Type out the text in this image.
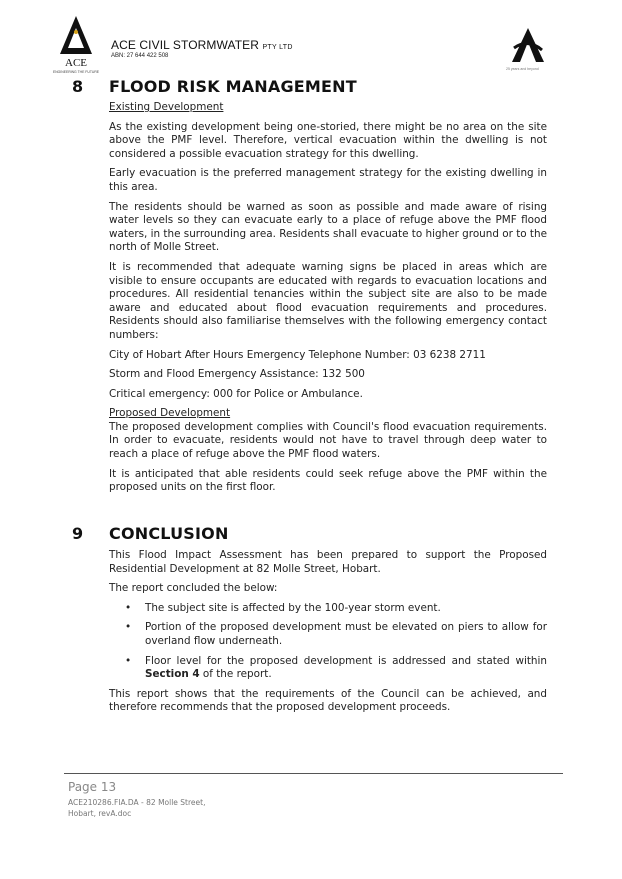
ACE
ENGINEERING THE FUTURE
ACE CIVIL STORMWATER PTY LTD
ABN: 27 644 422 508
25 years and beyond
8 FLOOD RISK MANAGEMENT

Existing Development

As the existing development being one-storied, there might be no area on the site above the PMF level. Therefore, vertical evacuation within the dwelling is not considered a possible evacuation strategy for this dwelling.

Early evacuation is the preferred management strategy for the existing dwelling in this area.

The residents should be warned as soon as possible and made aware of rising water levels so they can evacuate early to a place of refuge above the PMF flood waters, in the surrounding area. Residents shall evacuate to higher ground or to the north of Molle Street.

It is recommended that adequate warning signs be placed in areas which are visible to ensure occupants are educated with regards to evacuation locations and procedures. All residential tenancies within the subject site are also to be made aware and educated about flood evacuation requirements and procedures. Residents should also familiarise themselves with the following emergency contact numbers:

City of Hobart After Hours Emergency Telephone Number: 03 6238 2711

Storm and Flood Emergency Assistance: 132 500

Critical emergency: 000 for Police or Ambulance.

Proposed Development

The proposed development complies with Council's flood evacuation requirements. In order to evacuate, residents would not have to travel through deep water to reach a place of refuge above the PMF flood waters.

It is anticipated that able residents could seek refuge above the PMF within the proposed units on the first floor.

9 CONCLUSION

This Flood Impact Assessment has been prepared to support the Proposed Residential Development at 82 Molle Street, Hobart.

The report concluded the below:

• The subject site is affected by the 100-year storm event.

• Portion of the proposed development must be elevated on piers to allow for overland flow underneath.

• Floor level for the proposed development is addressed and stated within Section 4 of the report.

This report shows that the requirements of the Council can be achieved, and therefore recommends that the proposed development proceeds.

Page 13
ACE210286.FIA.DA - 82 Molle Street,
Hobart, revA.doc
